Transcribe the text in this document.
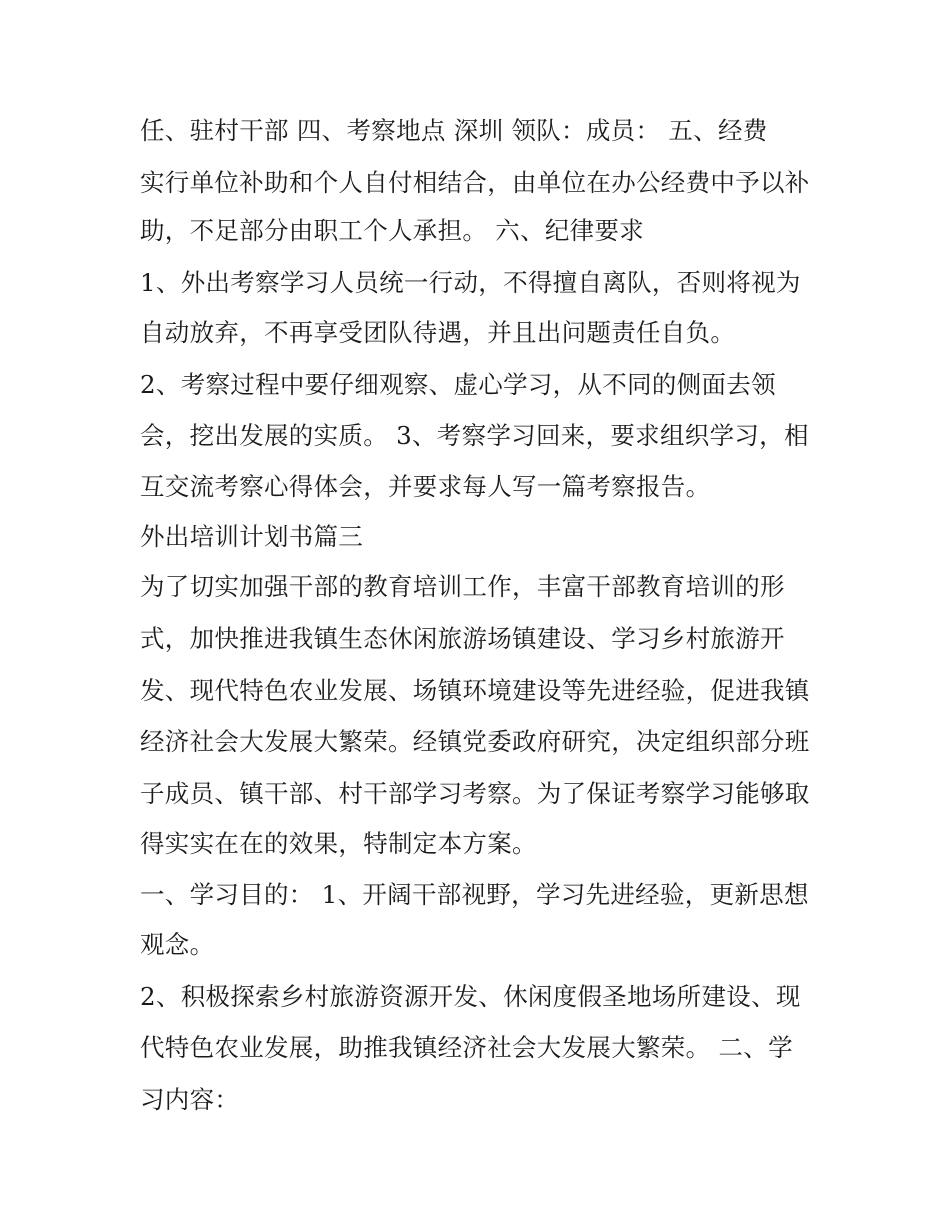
任、驻村干部 四、考察地点 深圳 领队：成员： 五、经费
实行单位补助和个人自付相结合，由单位在办公经费中予以补
助，不足部分由职工个人承担。 六、纪律要求
1、外出考察学习人员统一行动，不得擅自离队，否则将视为
自动放弃，不再享受团队待遇，并且出问题责任自负。
2、考察过程中要仔细观察、虚心学习，从不同的侧面去领
会，挖出发展的实质。 3、考察学习回来，要求组织学习，相
互交流考察心得体会，并要求每人写一篇考察报告。
外出培训计划书篇三
为了切实加强干部的教育培训工作，丰富干部教育培训的形
式，加快推进我镇生态休闲旅游场镇建设、学习乡村旅游开
发、现代特色农业发展、场镇环境建设等先进经验，促进我镇
经济社会大发展大繁荣。经镇党委政府研究，决定组织部分班
子成员、镇干部、村干部学习考察。为了保证考察学习能够取
得实实在在的效果，特制定本方案。
一、学习目的： 1、开阔干部视野，学习先进经验，更新思想
观念。
2、积极探索乡村旅游资源开发、休闲度假圣地场所建设、现
代特色农业发展，助推我镇经济社会大发展大繁荣。 二、学
习内容：
